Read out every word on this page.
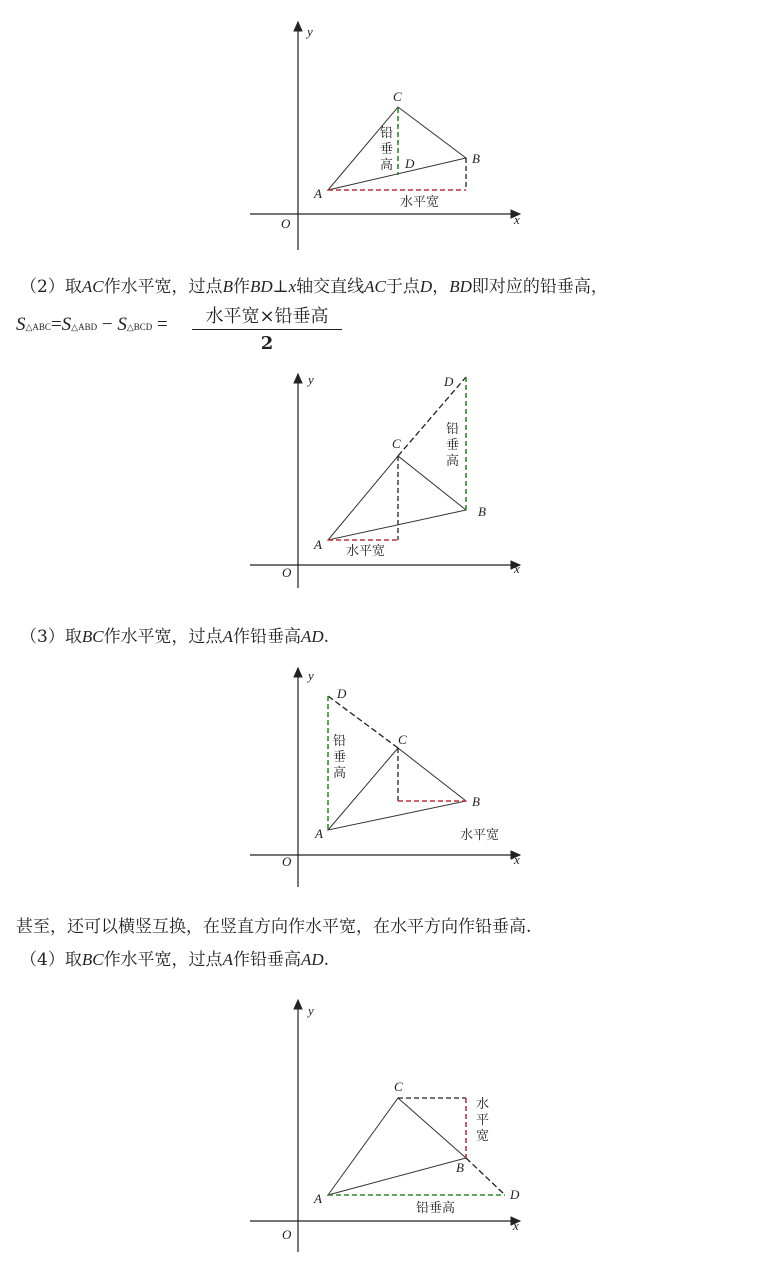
x
y
O
A
B
C
D
铅
垂
高
水平宽
（2）取AC作水平宽，过点B作BD⊥x轴交直线AC于点D，BD即对应的铅垂高，
S△ABC=S△ABD − S△BCD =	水平宽×铅垂高
2
x
y
O
A
B
C
D
铅
垂
高
水平宽
（3）取BC作水平宽，过点A作铅垂高AD.
x
y
O
A
B
C
D
铅
垂
高
水平宽
甚至，还可以横竖互换，在竖直方向作水平宽，在水平方向作铅垂高.
（4）取BC作水平宽，过点A作铅垂高AD.
x
y
O
A
B
C
D
水
平
宽
铅垂高
